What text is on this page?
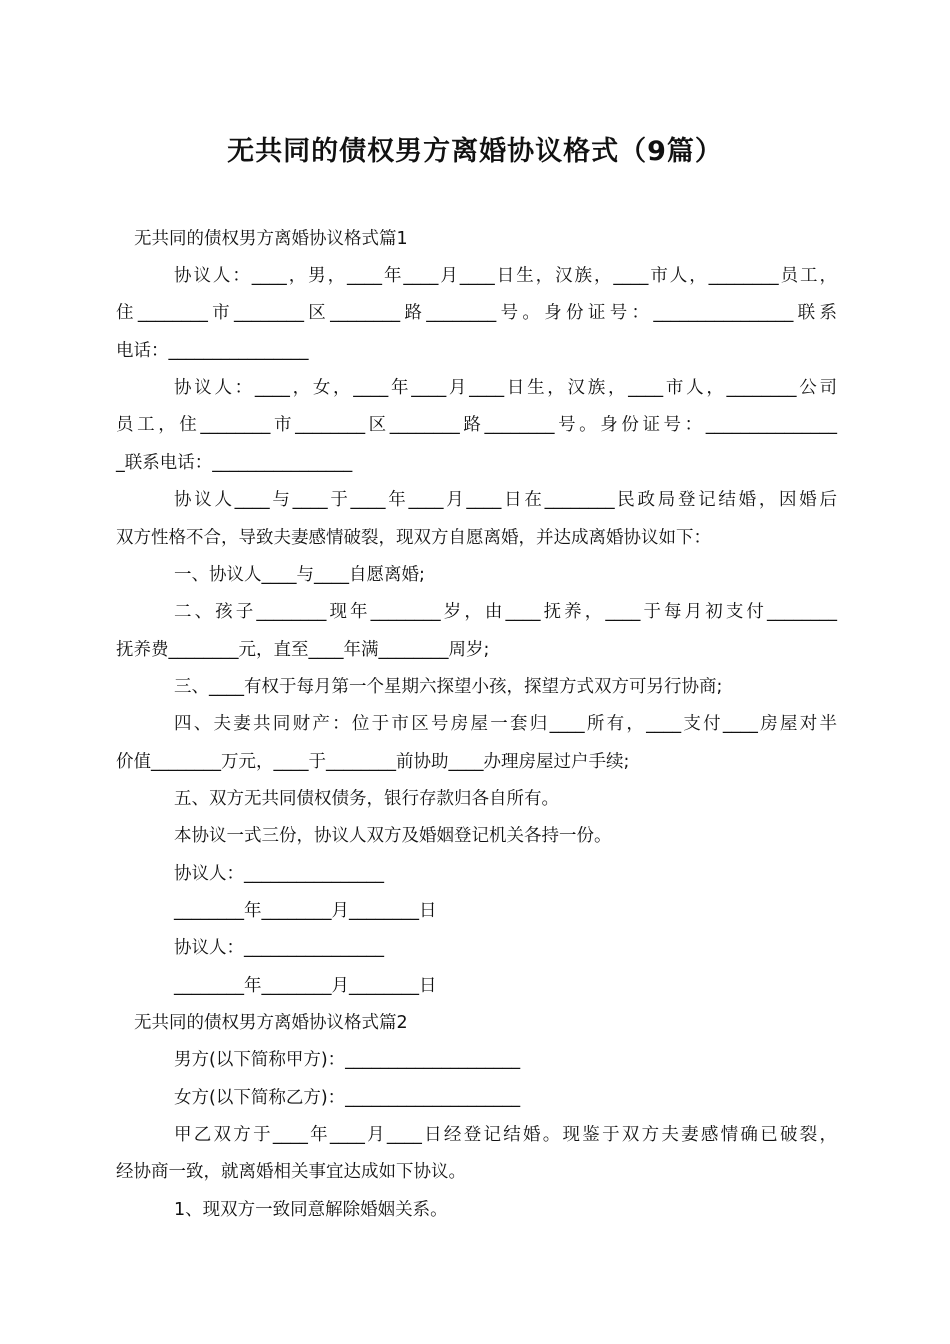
无共同的债权男方离婚协议格式（9篇）
无共同的债权男方离婚协议格式篇1
协议人：____，男，____年____月____日生，汉族，____市人，________员工，
住________市________区________路________号。身份证号：________________联系
电话：________________
协议人：____，女，____年____月____日生，汉族，____市人，________公司
员工，住________市________区________路________号。身份证号：_______________
_联系电话：________________
协议人____与____于____年____月____日在________民政局登记结婚，因婚后
双方性格不合，导致夫妻感情破裂，现双方自愿离婚，并达成离婚协议如下：
一、协议人____与____自愿离婚;
二、孩子________现年________岁，由____抚养，____于每月初支付________
抚养费________元，直至____年满________周岁;
三、____有权于每月第一个星期六探望小孩，探望方式双方可另行协商;
四、夫妻共同财产：位于市区号房屋一套归____所有，____支付____房屋对半
价值________万元，____于________前协助____办理房屋过户手续;
五、双方无共同债权债务，银行存款归各自所有。
本协议一式三份，协议人双方及婚姻登记机关各持一份。
协议人：________________
________年________月________日
协议人：________________
________年________月________日
无共同的债权男方离婚协议格式篇2
男方(以下简称甲方)：____________________
女方(以下简称乙方)：____________________
甲乙双方于____年____月____日经登记结婚。现鉴于双方夫妻感情确已破裂，
经协商一致，就离婚相关事宜达成如下协议。
1、现双方一致同意解除婚姻关系。
